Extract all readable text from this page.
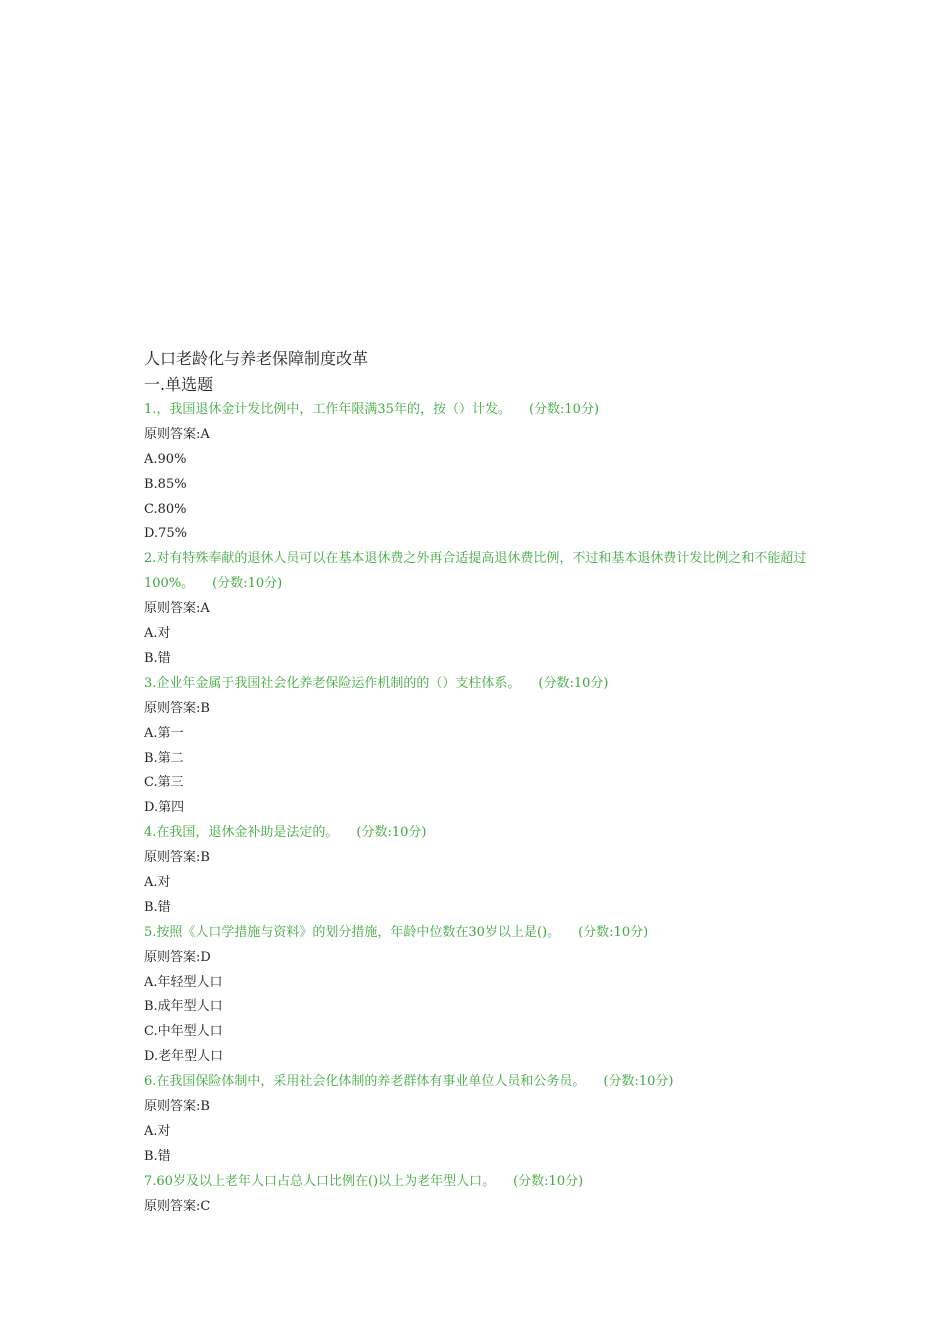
人口老龄化与养老保障制度改革
一.单选题
1.，我国退休金计发比例中，工作年限满35年的，按（）计发。 (分数:10分)
原则答案:A
A.90%
B.85%
C.80%
D.75%
2.对有特殊奉献的退休人员可以在基本退休费之外再合适提高退休费比例，不过和基本退休费计发比例之和不能超过100%。 (分数:10分)
原则答案:A
A.对
B.错
3.企业年金属于我国社会化养老保险运作机制的的（）支柱体系。 (分数:10分)
原则答案:B
A.第一
B.第二
C.第三
D.第四
4.在我国，退休金补助是法定的。 (分数:10分)
原则答案:B
A.对
B.错
5.按照《人口学措施与资料》的划分措施，年龄中位数在30岁以上是()。 (分数:10分)
原则答案:D
A.年轻型人口
B.成年型人口
C.中年型人口
D.老年型人口
6.在我国保险体制中，采用社会化体制的养老群体有事业单位人员和公务员。 (分数:10分)
原则答案:B
A.对
B.错
7.60岁及以上老年人口占总人口比例在()以上为老年型人口。 (分数:10分)
原则答案:C
